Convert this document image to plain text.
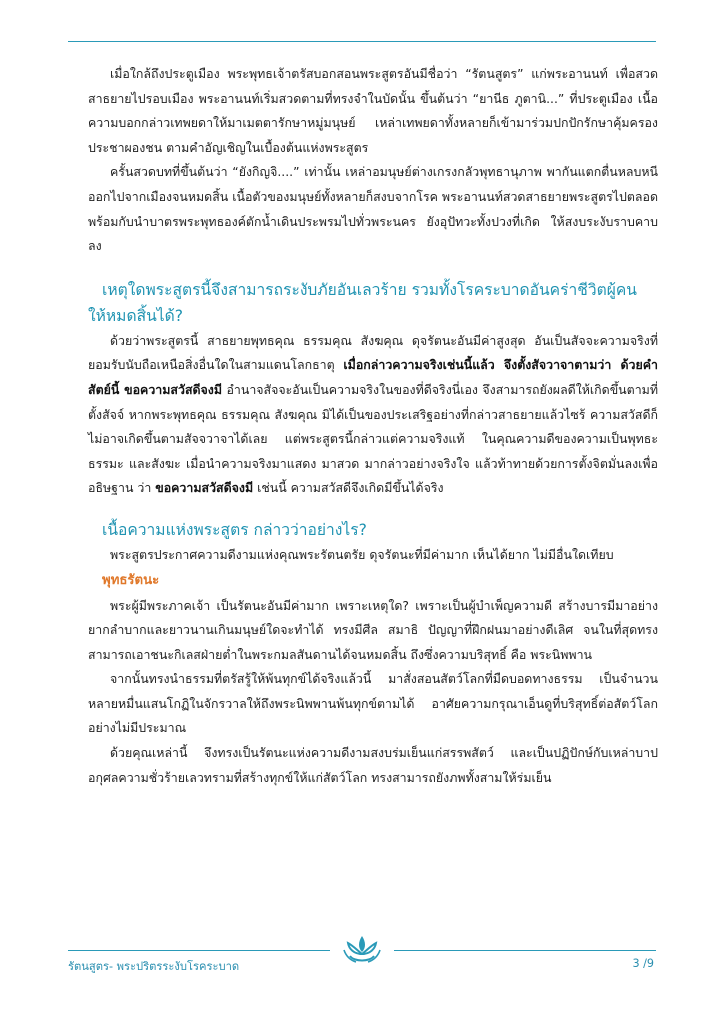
เมื่อใกล้ถึงประตูเมือง พระพุทธเจ้าตรัสบอกสอนพระสูตรอันมีชื่อว่า “รัตนสูตร” แก่พระอานนท์ เพื่อสวดสาธยายไปรอบเมือง พระอานนท์เริ่มสวดตามที่ทรงจำในบัดนั้น ขึ้นต้นว่า “ยานีธ ภูตานิ...” ที่ประตูเมือง เนื้อความบอกกล่าวเทพยดาให้มาเมตตารักษาหมู่มนุษย์ เหล่าเทพยดาทั้งหลายก็เข้ามาร่วมปกปักรักษาคุ้มครองประชาผองชน ตามคำอัญเชิญในเบื้องต้นแห่งพระสูตร

ครั้นสวดบทที่ขึ้นต้นว่า “ยังกิญจิ....” เท่านั้น เหล่าอมนุษย์ต่างเกรงกลัวพุทธานุภาพ พากันแตกตื่นหลบหนีออกไปจากเมืองจนหมดสิ้น เนื้อตัวของมนุษย์ทั้งหลายก็สงบจากโรค พระอานนท์สวดสาธยายพระสูตรไปตลอด พร้อมกับนำบาตรพระพุทธองค์ตักน้ำเดินประพรมไปทั่วพระนคร ยังอุปัทวะทั้งปวงที่เกิด ให้สงบระงับราบคาบลง

เหตุใดพระสูตรนี้จึงสามารถระงับภัยอันเลวร้าย รวมทั้งโรคระบาดอันคร่าชีวิตผู้คน ให้หมดสิ้นได้?

ด้วยว่าพระสูตรนี้ สาธยายพุทธคุณ ธรรมคุณ สังฆคุณ ดุจรัตนะอันมีค่าสูงสุด อันเป็นสัจจะความจริงที่ยอมรับนับถือเหนือสิ่งอื่นใดในสามแดนโลกธาตุ เมื่อกล่าวความจริงเช่นนี้แล้ว จึงตั้งสัจวาจาตามว่า ด้วยคำสัตย์นี้ ขอความสวัสดีจงมี อำนาจสัจจะอันเป็นความจริงในของที่ดีจริงนี่เอง จึงสามารถยังผลดีให้เกิดขึ้นตามที่ตั้งสัจจ์ หากพระพุทธคุณ ธรรมคุณ สังฆคุณ มิได้เป็นของประเสริฐอย่างที่กล่าวสาธยายแล้วไซร้ ความสวัสดีก็ไม่อาจเกิดขึ้นตามสัจจวาจาได้เลย แต่พระสูตรนี้กล่าวแต่ความจริงแท้ ในคุณความดีของความเป็นพุทธะ ธรรมะ และสังฆะ เมื่อนำความจริงมาแสดง มาสวด มากล่าวอย่างจริงใจ แล้วท้าทายด้วยการตั้งจิตมั่นลงเพื่ออธิษฐาน ว่า ขอความสวัสดีจงมี เช่นนี้ ความสวัสดีจึงเกิดมีขึ้นได้จริง

เนื้อความแห่งพระสูตร กล่าวว่าอย่างไร?

พระสูตรประกาศความดีงามแห่งคุณพระรัตนตรัย ดุจรัตนะที่มีค่ามาก เห็นได้ยาก ไม่มีอื่นใดเทียบ

พุทธรัตนะ

พระผู้มีพระภาคเจ้า เป็นรัตนะอันมีค่ามาก เพราะเหตุใด? เพราะเป็นผู้บำเพ็ญความดี สร้างบารมีมาอย่างยากลำบากและยาวนานเกินมนุษย์ใดจะทำได้ ทรงมีศีล สมาธิ ปัญญาที่ฝึกฝนมาอย่างดีเลิศ จนในที่สุดทรงสามารถเอาชนะกิเลสฝ่ายต่ำในพระกมลสันดานได้จนหมดสิ้น ถึงซึ่งความบริสุทธิ์ คือ พระนิพพาน

จากนั้นทรงนำธรรมที่ตรัสรู้ให้พ้นทุกข์ได้จริงแล้วนี้ มาสั่งสอนสัตว์โลกที่มืดบอดทางธรรม เป็นจำนวนหลายหมื่นแสนโกฏิในจักรวาลให้ถึงพระนิพพานพ้นทุกข์ตามได้ อาศัยความกรุณาเอ็นดูที่บริสุทธิ์ต่อสัตว์โลกอย่างไม่มีประมาณ

ด้วยคุณเหล่านี้ จึงทรงเป็นรัตนะแห่งความดีงามสงบร่มเย็นแก่สรรพสัตว์ และเป็นปฏิปักษ์กับเหล่าบาปอกุศลความชั่วร้ายเลวทรามที่สร้างทุกข์ให้แก่สัตว์โลก ทรงสามารถยังภพทั้งสามให้ร่มเย็น

รัตนสูตร- พระปริตรระงับโรคระบาด	3 /9
